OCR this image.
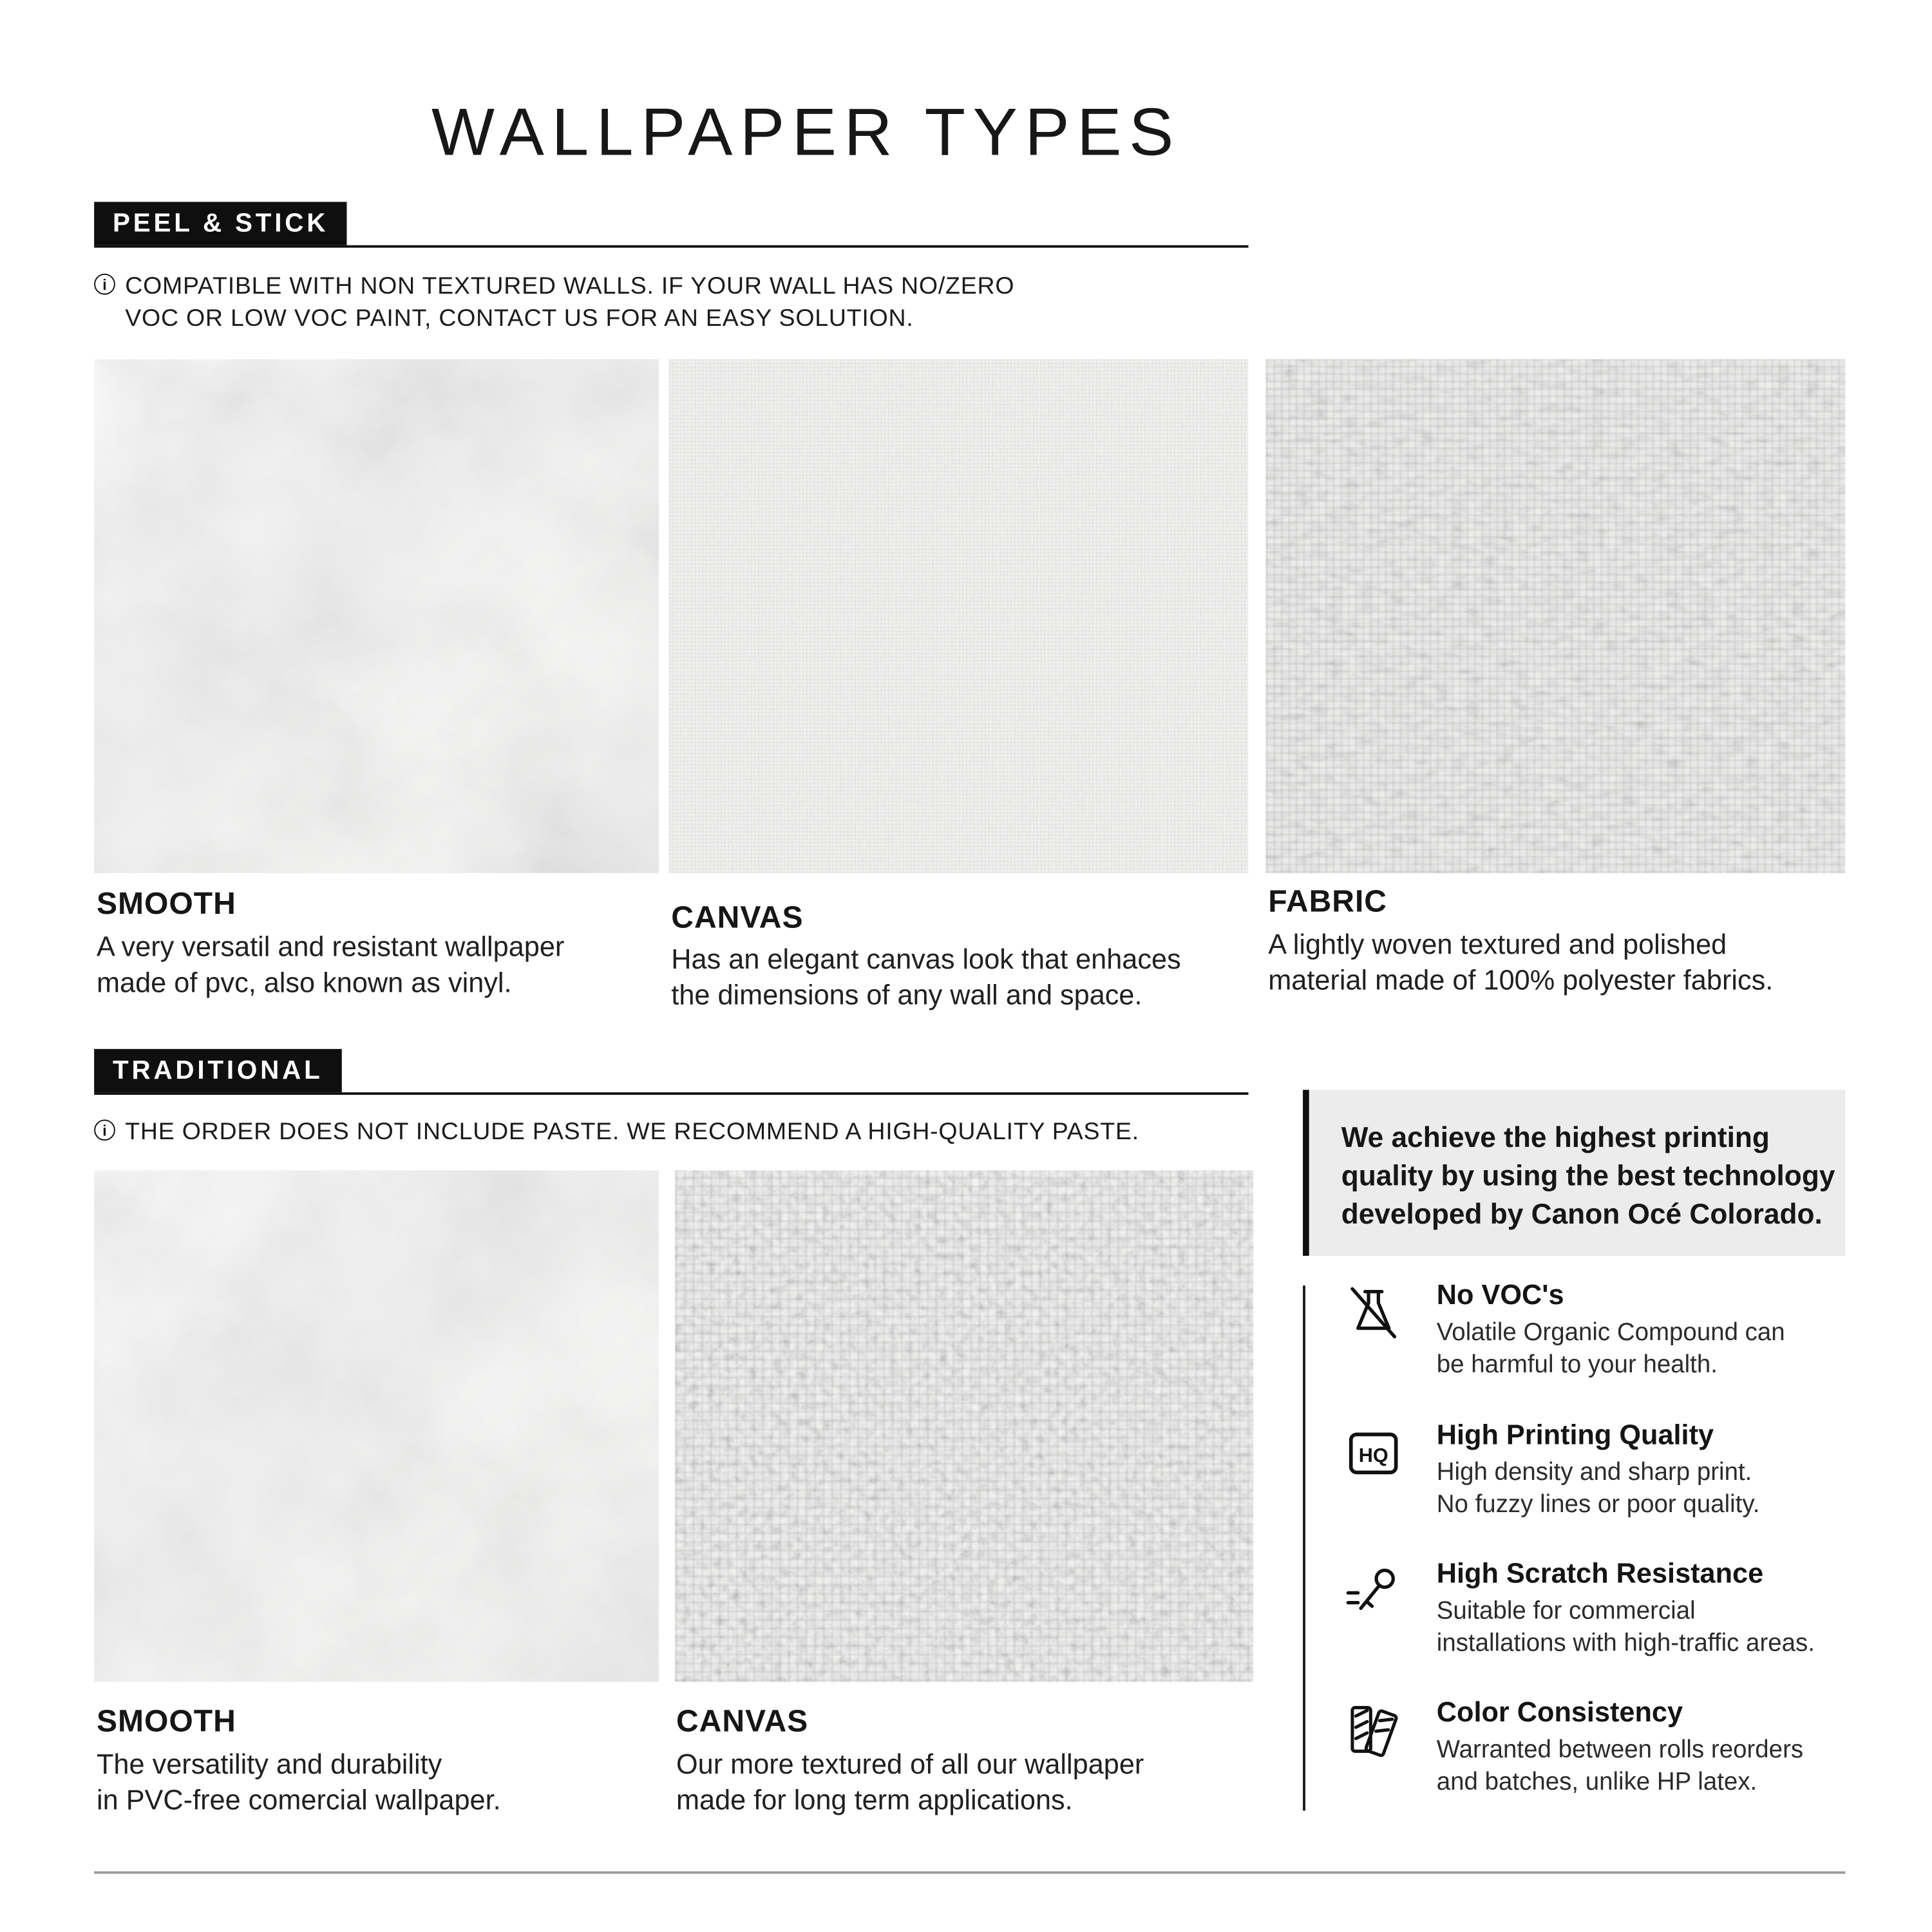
WALLPAPER TYPES
PEEL & STICK
i	COMPATIBLE WITH NON TEXTURED WALLS. IF YOUR WALL HAS NO/ZERO
VOC OR LOW VOC PAINT, CONTACT US FOR AN EASY SOLUTION.
SMOOTH
A very versatil and resistant wallpaper
made of pvc, also known as vinyl.
CANVAS
Has an elegant canvas look that enhaces
the dimensions of any wall and space.
FABRIC
A lightly woven textured and polished
material made of 100% polyester fabrics.
TRADITIONAL
i	THE ORDER DOES NOT INCLUDE PASTE. WE RECOMMEND A HIGH-QUALITY PASTE.
SMOOTH
The versatility and durability
in PVC-free comercial wallpaper.
CANVAS
Our more textured of all our wallpaper
made for long term applications.
We achieve the highest printing
quality by using the best technology
developed by Canon Océ Colorado.
No VOC's
Volatile Organic Compound can
be harmful to your health.
HQ
High Printing Quality
High density and sharp print.
No fuzzy lines or poor quality.
High Scratch Resistance
Suitable for commercial
installations with high-traffic areas.
Color Consistency
Warranted between rolls reorders
and batches, unlike HP latex.
